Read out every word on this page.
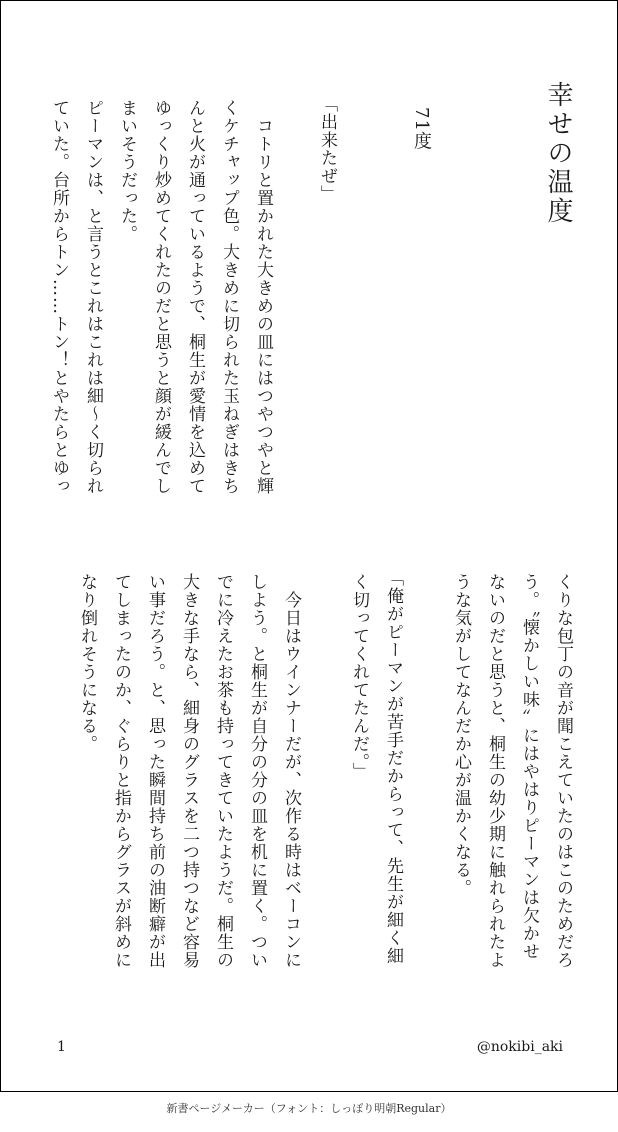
幸せの温度
71度
「出来たぜ」
　コトリと置かれた大きめの皿にはつやつやと輝
くケチャップ色。大きめに切られた玉ねぎはきち
んと火が通っているようで、桐生が愛情を込めて
ゆっくり炒めてくれたのだと思うと顔が緩んでし
まいそうだった。
ピーマンは、と言うとこれはこれは細～く切られ
ていた。台所からトン……トン！とやたらとゆっ
くりな包丁の音が聞こえていたのはこのためだろ
う。〝懐かしい味〟にはやはりピーマンは欠かせ
ないのだと思うと、桐生の幼少期に触れられたよ
うな気がしてなんだか心が温かくなる。
「俺がピーマンが苦手だからって、先生が細く細
く切ってくれてたんだ。」
　今日はウインナーだが、次作る時はベーコンに
しよう。と桐生が自分の分の皿を机に置く。つい
でに冷えたお茶も持ってきていたようだ。桐生の
大きな手なら、細身のグラスを二つ持つなど容易
い事だろう。と、思った瞬間持ち前の油断癖が出
てしまったのか、ぐらりと指からグラスが斜めに
なり倒れそうになる。
1	@nokibi_aki
新書ページメーカー（フォント：しっぽり明朝Regular）
